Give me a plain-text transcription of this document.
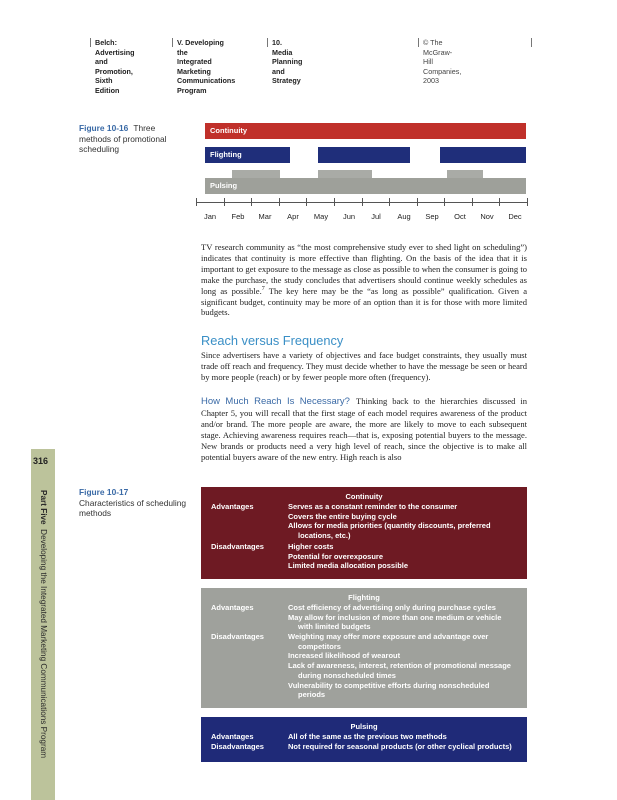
Belch: Advertising and
Promotion, Sixth Edition
V. Developing the
Integrated Marketing
Communications Program
10. Media Planning and
Strategy
© The McGraw-Hill
Companies, 2003
316
Part Five  Developing the Integrated Marketing Communications Program
Figure 10-16 Three methods of promotional scheduling
Continuity
Flighting
Pulsing
Jan Feb Mar Apr May Jun Jul Aug Sep Oct Nov Dec
TV research community as “the most comprehensive study ever to shed light on scheduling”) indicates that continuity is more effective than flighting. On the basis of the idea that it is important to get exposure to the message as close as possible to when the consumer is going to make the purchase, the study concludes that advertisers should continue weekly schedules as long as possible.$^7$ The key here may be the “as long as possible” qualification. Given a significant budget, continuity may be more of an option than it is for those with more limited budgets.
Reach versus Frequency
Since advertisers have a variety of objectives and face budget constraints, they usually must trade off reach and frequency. They must decide whether to have the message be seen or heard by more people (reach) or by fewer people more often (frequency).
How Much Reach Is Necessary? Thinking back to the hierarchies discussed in Chapter 5, you will recall that the first stage of each model requires awareness of the product and/or brand. The more people are aware, the more are likely to move to each subsequent stage. Achieving awareness requires reach—that is, exposing potential buyers to the message. New brands or products need a very high level of reach, since the objective is to make all potential buyers aware of the new entry. High reach is also
Figure 10-17
Characteristics of scheduling methods
Continuity
Advantages	Serves as a constant reminder to the consumer
Covers the entire buying cycle
Allows for media priorities (quantity discounts, preferred locations, etc.)
Disadvantages	Higher costs
Potential for overexposure
Limited media allocation possible
Flighting
Advantages	Cost efficiency of advertising only during purchase cycles
May allow for inclusion of more than one medium or vehicle with limited budgets
Disadvantages	Weighting may offer more exposure and advantage over competitors
Increased likelihood of wearout
Lack of awareness, interest, retention of promotional message during nonscheduled times
Vulnerability to competitive efforts during nonscheduled periods
Pulsing
Advantages	All of the same as the previous two methods
Disadvantages	Not required for seasonal products (or other cyclical products)
